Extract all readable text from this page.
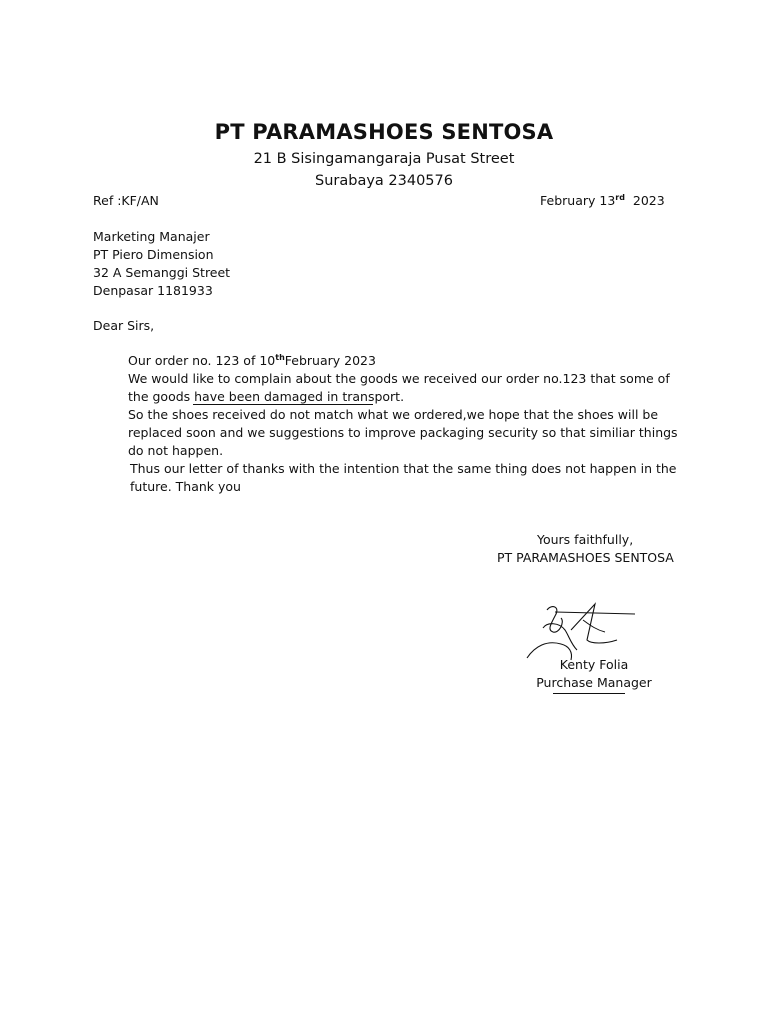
PT PARAMASHOES SENTOSA
21 B Sisingamangaraja Pusat Street
Surabaya 2340576
Ref :KF/AN	February 13rd 2023
Marketing Manajer
PT Piero Dimension
32 A Semanggi Street
Denpasar 1181933
Dear Sirs,

Our order no. 123 of 10thFebruary 2023

We would like to complain about the goods we received our order no.123 that some of the goods have been damaged in transport.

So the shoes received do not match what we ordered,we hope that the shoes will be replaced soon and we suggestions to improve packaging security so that similiar things do not happen.

Thus our letter of thanks with the intention that the same thing does not happen in the future. Thank you

Yours faithfully,
PT PARAMASHOES SENTOSA
Kenty Folia
Purchase Manager
